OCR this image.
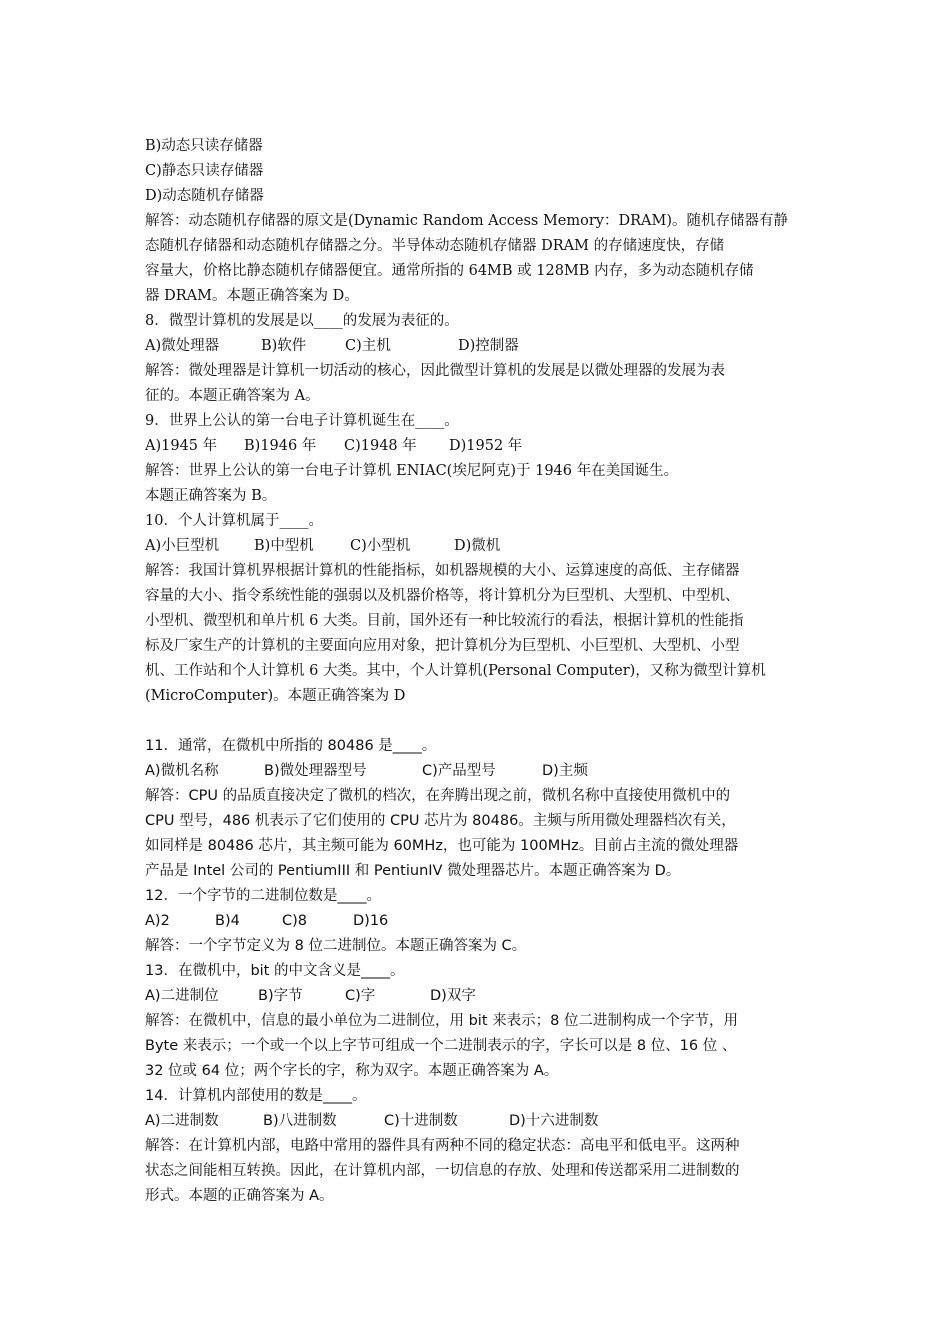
B)动态只读存储器
C)静态只读存储器
D)动态随机存储器
解答：动态随机存储器的原文是(Dynamic Random Access Memory：DRAM)。随机存储器有静
态随机存储器和动态随机存储器之分。半导体动态随机存储器 DRAM 的存储速度快，存储
容量大，价格比静态随机存储器便宜。通常所指的 64MB 或 128MB 内存，多为动态随机存储
器 DRAM。本题正确答案为 D。
8．微型计算机的发展是以____的发展为表征的。
A)微处理器	B)软件	C)主机	D)控制器
解答：微处理器是计算机一切活动的核心，因此微型计算机的发展是以微处理器的发展为表
征的。本题正确答案为 A。
9．世界上公认的第一台电子计算机诞生在____。
A)1945 年 B)1946 年 C)1948 年 D)1952 年
解答：世界上公认的第一台电子计算机 ENIAC(埃尼阿克)于 1946 年在美国诞生。
本题正确答案为 B。
10．个人计算机属于____。
A)小巨型机 B)中型机 C)小型机	D)微机
解答：我国计算机界根据计算机的性能指标，如机器规模的大小、运算速度的高低、主存储器
容量的大小、指令系统性能的强弱以及机器价格等，将计算机分为巨型机、大型机、中型机、
小型机、微型机和单片机 6 大类。目前，国外还有一种比较流行的看法，根据计算机的性能指
标及厂家生产的计算机的主要面向应用对象，把计算机分为巨型机、小巨型机、大型机、小型
机、工作站和个人计算机 6 大类。其中，个人计算机(Personal Computer)，又称为微型计算机
(MicroComputer)。本题正确答案为 D
11．通常，在微机中所指的 80486 是____。
A)微机名称	B)微处理器型号	C)产品型号	D)主频
解答：CPU 的品质直接决定了微机的档次，在奔腾出现之前，微机名称中直接使用微机中的
CPU 型号，486 机表示了它们使用的 CPU 芯片为 80486。主频与所用微处理器档次有关，
如同样是 80486 芯片，其主频可能为 60MHz，也可能为 100MHz。目前占主流的微处理器
产品是 Intel 公司的 PentiumIII 和 PentiunIV 微处理器芯片。本题正确答案为 D。
12．一个字节的二进制位数是____。
A)2	B)4	C)8	D)16
解答：一个字节定义为 8 位二进制位。本题正确答案为 C。
13．在微机中，bit 的中文含义是____。
A)二进制位	B)字节	C)字	D)双字
解答：在微机中，信息的最小单位为二进制位，用 bit 来表示；8 位二进制构成一个字节，用
Byte 来表示；一个或一个以上字节可组成一个二进制表示的字，字长可以是 8 位、16 位 、
32 位或 64 位；两个字长的字，称为双字。本题正确答案为 A。
14．计算机内部使用的数是____。
A)二进制数	B)八进制数	C)十进制数	D)十六进制数
解答：在计算机内部，电路中常用的器件具有两种不同的稳定状态：高电平和低电平。这两种
状态之间能相互转换。因此，在计算机内部，一切信息的存放、处理和传送都采用二进制数的
形式。本题的正确答案为 A。
